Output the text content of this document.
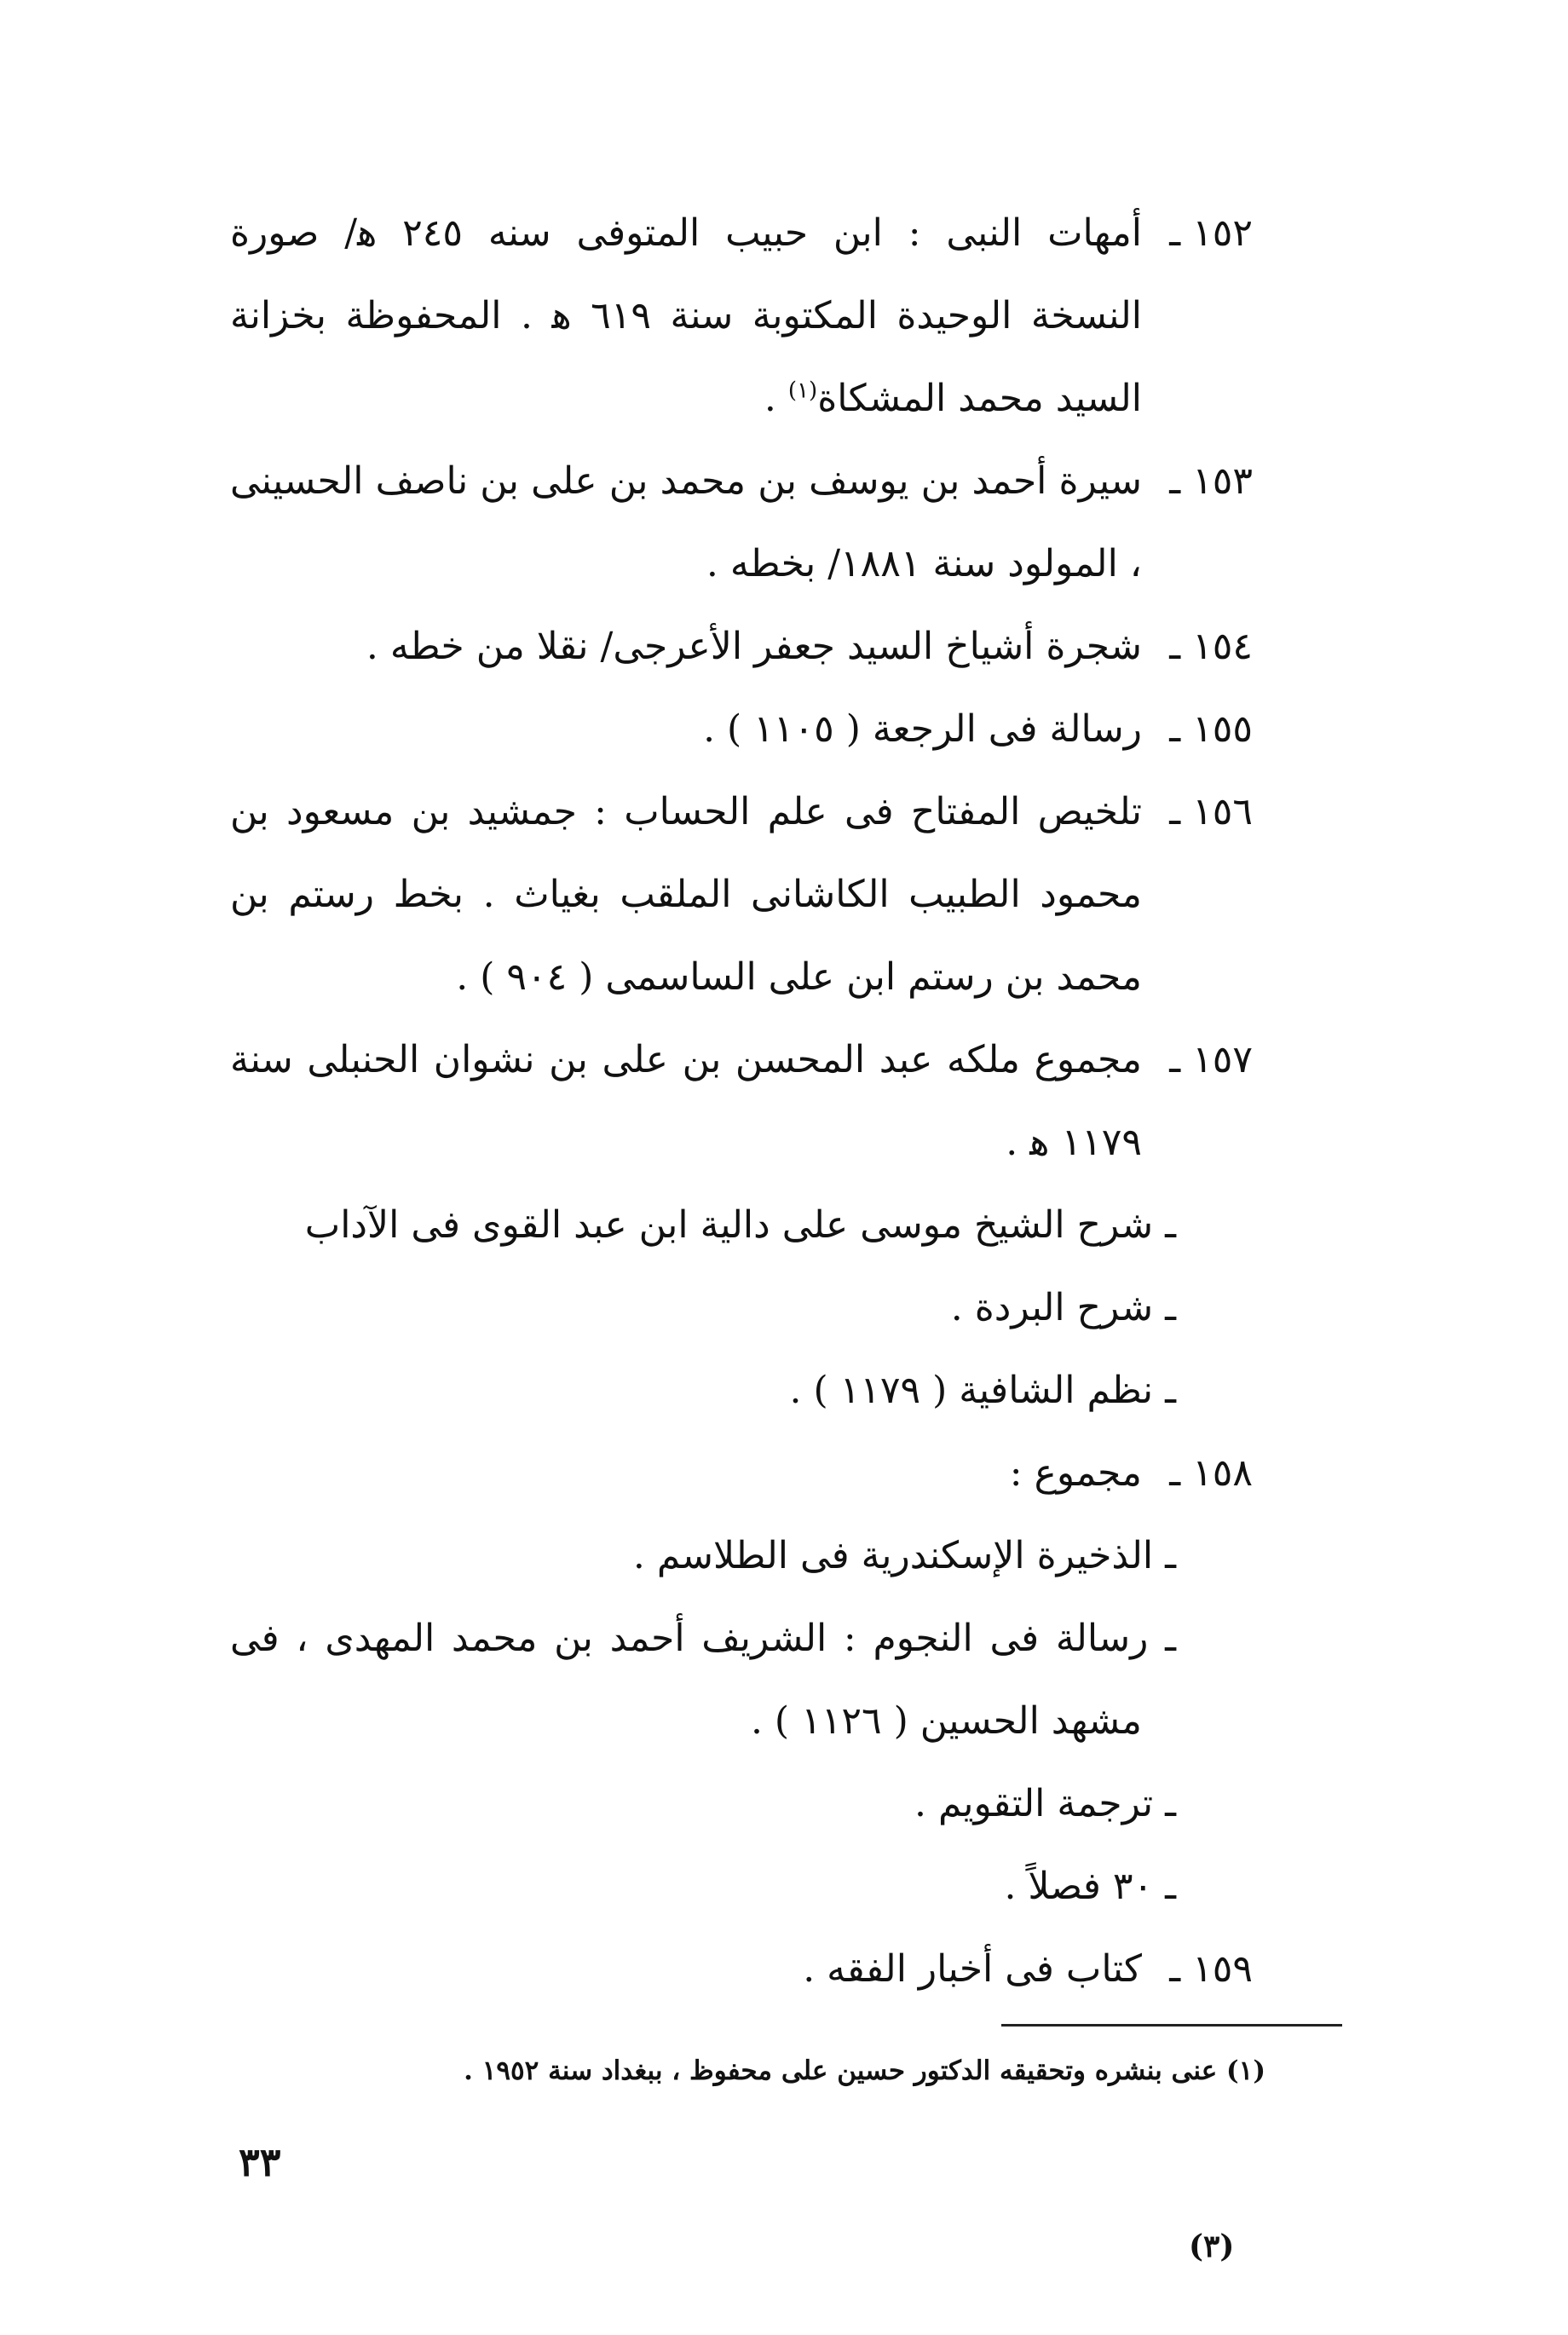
١٥٢ ـ
أمهات النبى : ابن حبيب المتوفى سنه ٢٤٥ ﻫ/ صورة النسخة الوحيدة المكتوبة سنة ٦١٩ ﻫ . المحفوظة بخزانة السيد محمد المشكاة$^{(١)}$ .
١٥٣ ـ
سيرة أحمد بن يوسف بن محمد بن على بن ناصف الحسينى ، المولود سنة ١٨٨١/ بخطه .
١٥٤ ـ
شجرة أشياخ السيد جعفر الأعرجى/ نقلا من خطه .
١٥٥ ـ
رسالة فى الرجعة ( ١١٠٥ ) .
١٥٦ ـ
تلخيص المفتاح فى علم الحساب : جمشيد بن مسعود بن محمود الطبيب الكاشانى الملقب بغياث . بخط رستم بن محمد بن رستم ابن على الساسمى ( ٩٠٤ ) .
١٥٧ ـ
مجموع ملكه عبد المحسن بن على بن نشوان الحنبلى سنة ١١٧٩ ﻫ .
ـ شرح الشيخ موسى على دالية ابن عبد القوى فى الآداب
ـ شرح البردة .
ـ نظم الشافية ( ١١٧٩ ) .
١٥٨ ـ
مجموع :
ـ الذخيرة الإسكندرية فى الطلاسم .
ـ رسالة فى النجوم : الشريف أحمد بن محمد المهدى ، فى مشهد الحسين ( ١١٢٦ ) .
ـ ترجمة التقويم .
ـ ٣٠ فصلاً .
١٥٩ ـ
كتاب فى أخبار الفقه .
(١) عنى بنشره وتحقيقه الدكتور حسين على محفوظ ، ببغداد سنة ١٩٥٢ .
٣٣
(٣)
